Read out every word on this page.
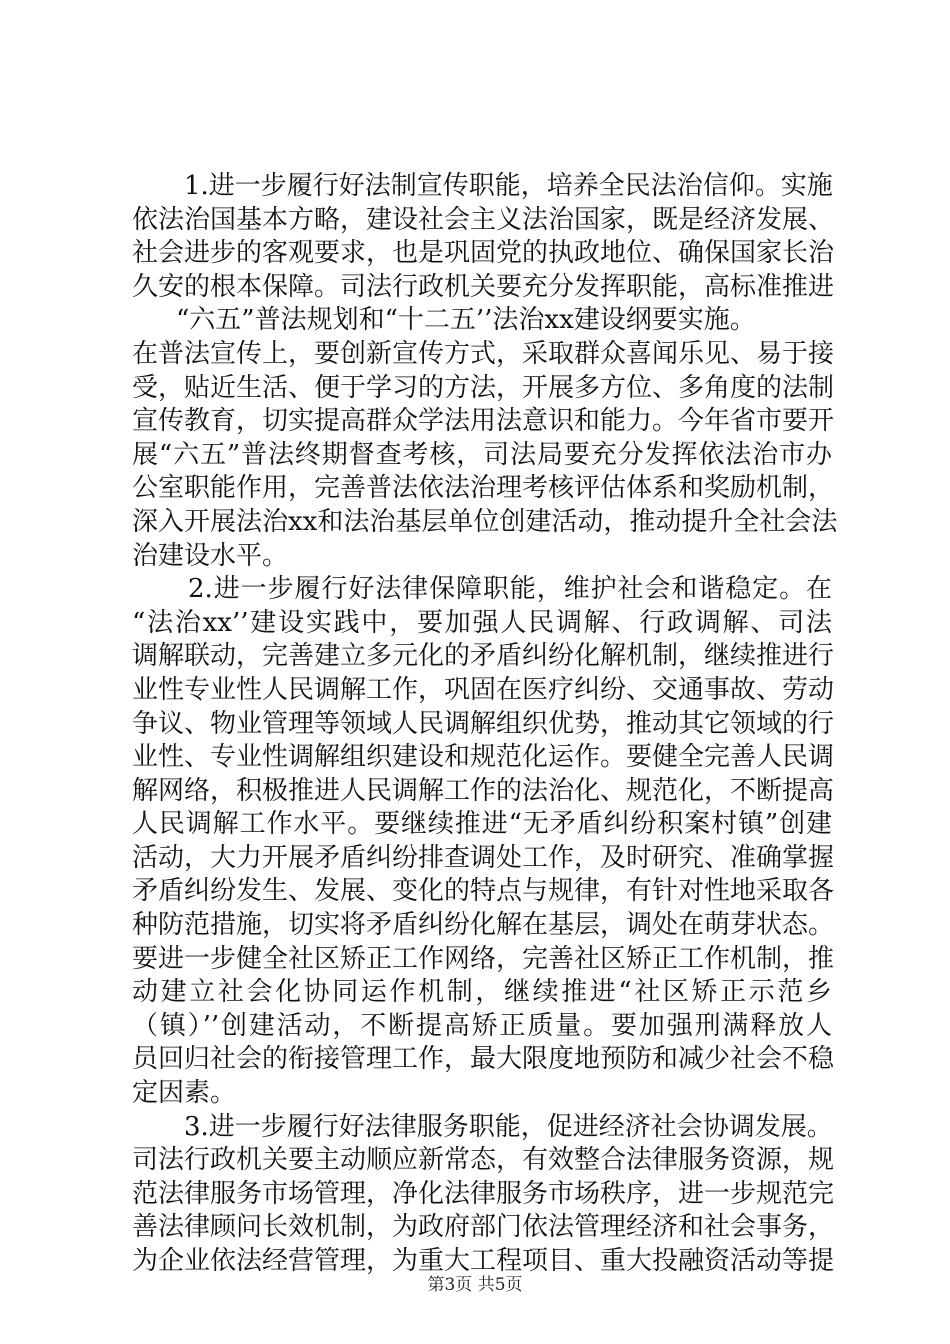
1.进一步履行好法制宣传职能，培养全民法治信仰。实施
依法治国基本方略，建设社会主义法治国家，既是经济发展、
社会进步的客观要求，也是巩固党的执政地位、确保国家长治
久安的根本保障。司法行政机关要充分发挥职能，高标准推进
“六五”普法规划和“十二五’’法治xx建设纲要实施。
在普法宣传上，要创新宣传方式，采取群众喜闻乐见、易于接
受，贴近生活、便于学习的方法，开展多方位、多角度的法制
宣传教育，切实提高群众学法用法意识和能力。今年省市要开
展“六五”普法终期督查考核，司法局要充分发挥依法治市办
公室职能作用，完善普法依法治理考核评估体系和奖励机制，
深入开展法治xx和法治基层单位创建活动，推动提升全社会法
治建设水平。
2.进一步履行好法律保障职能，维护社会和谐稳定。在
“法治xx’’建设实践中，要加强人民调解、行政调解、司法
调解联动，完善建立多元化的矛盾纠纷化解机制，继续推进行
业性专业性人民调解工作，巩固在医疗纠纷、交通事故、劳动
争议、物业管理等领域人民调解组织优势，推动其它领域的行
业性、专业性调解组织建设和规范化运作。要健全完善人民调
解网络，积极推进人民调解工作的法治化、规范化，不断提高
人民调解工作水平。要继续推进“无矛盾纠纷积案村镇”创建
活动，大力开展矛盾纠纷排查调处工作，及时研究、准确掌握
矛盾纠纷发生、发展、变化的特点与规律，有针对性地采取各
种防范措施，切实将矛盾纠纷化解在基层，调处在萌芽状态。
要进一步健全社区矫正工作网络，完善社区矫正工作机制，推
动建立社会化协同运作机制，继续推进“社区矫正示范乡
（镇）’’创建活动，不断提高矫正质量。要加强刑满释放人
员回归社会的衔接管理工作，最大限度地预防和减少社会不稳
定因素。
3.进一步履行好法律服务职能，促进经济社会协调发展。
司法行政机关要主动顺应新常态，有效整合法律服务资源，规
范法律服务市场管理，净化法律服务市场秩序，进一步规范完
善法律顾问长效机制，为政府部门依法管理经济和社会事务，
为企业依法经营管理，为重大工程项目、重大投融资活动等提
第3页 共5页
